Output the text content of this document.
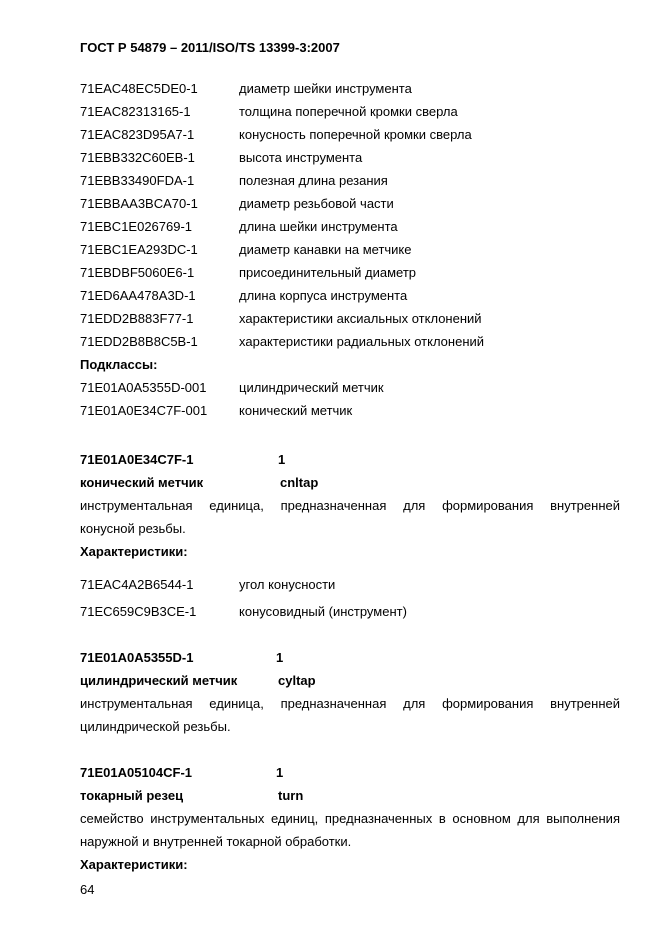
ГОСТ Р 54879 – 2011/ISO/TS 13399-3:2007
71EAC48EC5DE0-1	диаметр шейки инструмента
71EAC82313165-1	толщина поперечной кромки сверла
71EAC823D95A7-1	конусность поперечной кромки сверла
71EBB332C60EB-1	высота инструмента
71EBB33490FDA-1	полезная длина резания
71EBBAA3BCA70-1	диаметр резьбовой части
71EBC1E026769-1	длина шейки инструмента
71EBC1EA293DC-1	диаметр канавки на метчике
71EBDBF5060E6-1	присоединительный диаметр
71ED6AA478A3D-1	длина корпуса инструмента
71EDD2B883F77-1	характеристики аксиальных отклонений
71EDD2B8B8C5B-1	характеристики радиальных отклонений
Подклассы:
71E01A0A5355D-001	цилиндрический метчик
71E01A0E34C7F-001 конический метчик
71E01A0E34C7F-1	1
конический метчик	cnltap
инструментальная единица, предназначенная для формирования внутренней
конусной резьбы.
Характеристики:
71EAC4A2B6544-1	угол конусности
71EC659C9B3CE-1	конусовидный (инструмент)
71E01A0A5355D-1	1
цилиндрический метчик	cyltap
инструментальная единица, предназначенная для формирования внутренней
цилиндрической резьбы.
71E01A05104CF-1	1
токарный резец	turn
семейство инструментальных единиц, предназначенных в основном для выполнения
наружной и внутренней токарной обработки.
Характеристики:
64
